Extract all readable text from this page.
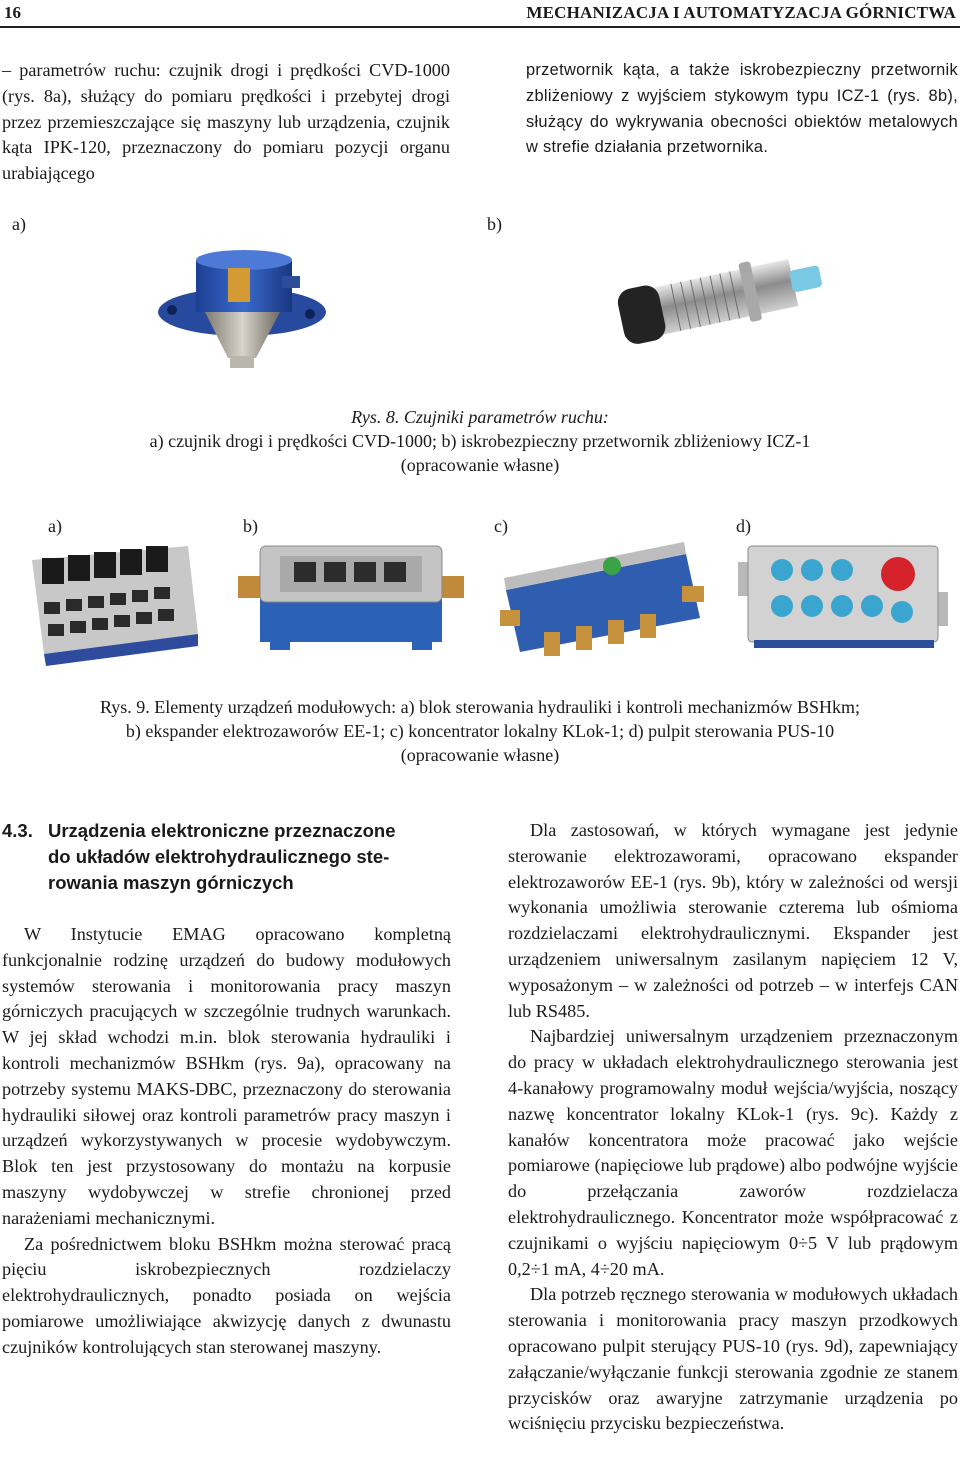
16	MECHANIZACJA I AUTOMATYZACJA GÓRNICTWA

– parametrów ruchu: czujnik drogi i prędkości CVD-1000 (rys. 8a), służący do pomiaru prędkości i przebytej drogi przez przemieszczające się maszyny lub urządzenia, czujnik kąta IPK-120, przeznaczony do pomiaru pozycji organu urabiającego

przetwornik kąta, a także iskrobezpieczny przetwornik zbliżeniowy z wyjściem stykowym typu ICZ-1 (rys. 8b), służący do wykrywania obecności obiektów metalowych w strefie działania przetwornika.

a)	b)
Rys. 8. Czujniki parametrów ruchu:
a) czujnik drogi i prędkości CVD-1000; b) iskrobezpieczny przetwornik zbliżeniowy ICZ-1
(opracowanie własne)
a)	b)	c)	d)
Rys. 9. Elementy urządzeń modułowych: a) blok sterowania hydrauliki i kontroli mechanizmów BSHkm;
b) ekspander elektrozaworów EE-1; c) koncentrator lokalny KLok-1; d) pulpit sterowania PUS-10
(opracowanie własne)
4.3. Urządzenia elektroniczne przeznaczone
do układów elektrohydraulicznego ste-
rowania maszyn górniczych

W Instytucie EMAG opracowano kompletną funkcjonalnie rodzinę urządzeń do budowy modułowych systemów sterowania i monitorowania pracy maszyn górniczych pracujących w szczególnie trudnych warunkach. W jej skład wchodzi m.in. blok sterowania hydrauliki i kontroli mechanizmów BSHkm (rys. 9a), opracowany na potrzeby systemu MAKS-DBC, przeznaczony do sterowania hydrauliki siłowej oraz kontroli parametrów pracy maszyn i urządzeń wykorzystywanych w procesie wydobywczym. Blok ten jest przystosowany do montażu na korpusie maszyny wydobywczej w strefie chronionej przed narażeniami mechanicznymi.

Za pośrednictwem bloku BSHkm można sterować pracą pięciu iskrobezpiecznych rozdzielaczy elektrohydraulicznych, ponadto posiada on wejścia pomiarowe umożliwiające akwizycję danych z dwunastu czujników kontrolujących stan sterowanej maszyny.

Dla zastosowań, w których wymagane jest jedynie sterowanie elektrozaworami, opracowano ekspander elektrozaworów EE-1 (rys. 9b), który w zależności od wersji wykonania umożliwia sterowanie czterema lub ośmioma rozdzielaczami elektrohydraulicznymi. Ekspander jest urządzeniem uniwersalnym zasilanym napięciem 12 V, wyposażonym – w zależności od potrzeb – w interfejs CAN lub RS485.

Najbardziej uniwersalnym urządzeniem przeznaczonym do pracy w układach elektrohydraulicznego sterowania jest 4-kanałowy programowalny moduł wejścia/wyjścia, noszący nazwę koncentrator lokalny KLok-1 (rys. 9c). Każdy z kanałów koncentratora może pracować jako wejście pomiarowe (napięciowe lub prądowe) albo podwójne wyjście do przełączania zaworów rozdzielacza elektrohydraulicznego. Koncentrator może współpracować z czujnikami o wyjściu napięciowym 0÷5 V lub prądowym 0,2÷1 mA, 4÷20 mA.

Dla potrzeb ręcznego sterowania w modułowych układach sterowania i monitorowania pracy maszyn przodkowych opracowano pulpit sterujący PUS-10 (rys. 9d), zapewniający załączanie/wyłączanie funkcji sterowania zgodnie ze stanem przycisków oraz awaryjne zatrzymanie urządzenia po wciśnięciu przycisku bezpieczeństwa.
